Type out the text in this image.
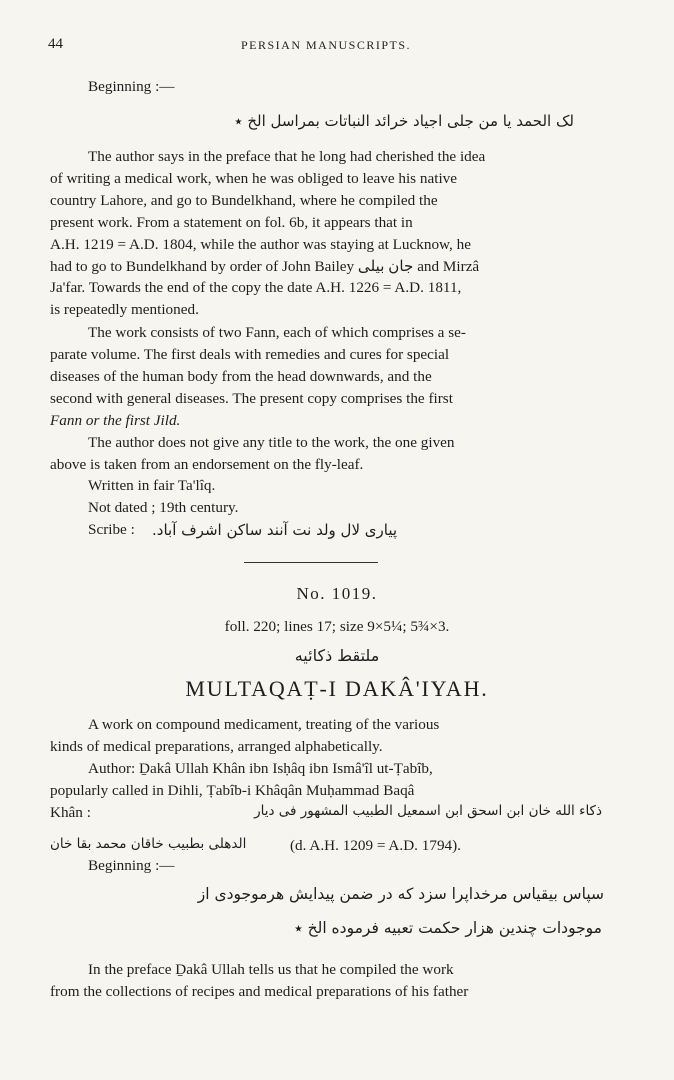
44	PERSIAN MANUSCRIPTS.
Beginning :—
لک الحمد یا من جلی اجیاد خرائد النباتات بمراسل الخ ٭
The author says in the preface that he long had cherished the idea
of writing a medical work, when he was obliged to leave his native
country Lahore, and go to Bundelkhand, where he compiled the
present work. From a statement on fol. 6b, it appears that in
A.H. 1219 = A.D. 1804, while the author was staying at Lucknow, he
had to go to Bundelkhand by order of John Bailey جان بیلی and Mirzâ
Ja'far. Towards the end of the copy the date A.H. 1226 = A.D. 1811,
is repeatedly mentioned.
The work consists of two Fann, each of which comprises a se-
parate volume. The first deals with remedies and cures for special
diseases of the human body from the head downwards, and the
second with general diseases. The present copy comprises the first
Fann or the first Jild.
The author does not give any title to the work, the one given
above is taken from an endorsement on the fly-leaf.
Written in fair Ta'lîq.
Not dated ; 19th century.
Scribe : پیاری لال ولد نت آنند ساکن اشرف آباد.
No. 1019.
foll. 220; lines 17; size 9×5¼; 5¾×3.
ملتقط ذکائیه
MULTAQAṬ-I DAKÂ'IYAH.
A work on compound medicament, treating of the various
kinds of medical preparations, arranged alphabetically.
Author: Ḏakâ Ullah Khân ibn Isḥâq ibn Ismâ'îl ut-Ṭabîb,
popularly called in Dihli, Ṭabîb-i Khâqân Muḥammad Baqâ
Khân :	ذکاء الله خان ابن اسحق ابن اسمعیل الطبیب المشهور فی دیار
الدهلی بطبیب خاقان محمد بقا خان	(d. A.H. 1209 = A.D. 1794).
Beginning :—
سپاس بیقیاس مرخداپرا سزد که در ضمن پیدایش هرموجودی از
موجودات چندین هزار حکمت تعبیه فرموده الخ ٭
In the preface Ḏakâ Ullah tells us that he compiled the work
from the collections of recipes and medical preparations of his father
